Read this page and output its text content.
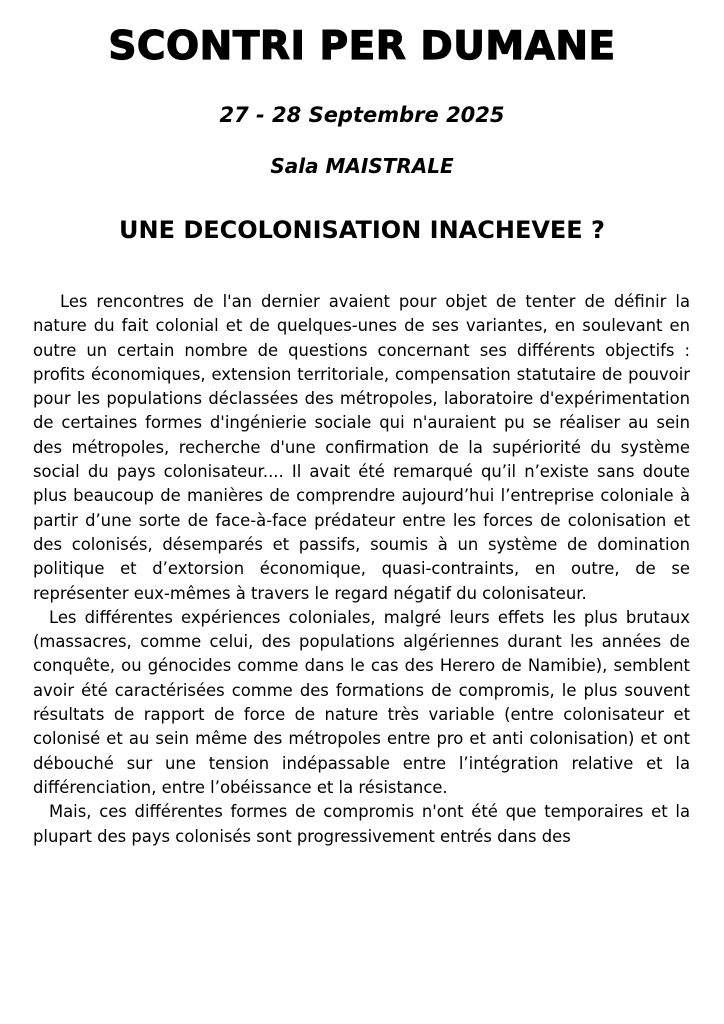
SCONTRI PER DUMANE
27 - 28 Septembre 2025
Sala MAISTRALE
UNE DECOLONISATION INACHEVEE ?

Les rencontres de l'an dernier avaient pour objet de tenter de définir la nature du fait colonial et de quelques-unes de ses variantes, en soulevant en outre un certain nombre de questions concernant ses différents objectifs : profits économiques, extension territoriale, compensation statutaire de pouvoir pour les populations déclassées des métropoles, laboratoire d'expérimentation de certaines formes d'ingénierie sociale qui n'auraient pu se réaliser au sein des métropoles, recherche d'une confirmation de la supériorité du système social du pays colonisateur.... Il avait été remarqué qu’il n’existe sans doute plus beaucoup de manières de comprendre aujourd’hui l’entreprise coloniale à partir d’une sorte de face-à-face prédateur entre les forces de colonisation et des colonisés, désemparés et passifs, soumis à un système de domination politique et d’extorsion économique, quasi-contraints, en outre, de se représenter eux-mêmes à travers le regard négatif du colonisateur.

Les différentes expériences coloniales, malgré leurs effets les plus brutaux (massacres, comme celui, des populations algériennes durant les années de conquête, ou génocides comme dans le cas des Herero de Namibie), semblent avoir été caractérisées comme des formations de compromis, le plus souvent résultats de rapport de force de nature très variable (entre colonisateur et colonisé et au sein même des métropoles entre pro et anti colonisation) et ont débouché sur une tension indépassable entre l’intégration relative et la différenciation, entre l’obéissance et la résistance.

Mais, ces différentes formes de compromis n'ont été que temporaires et la plupart des pays colonisés sont progressivement entrés dans des
